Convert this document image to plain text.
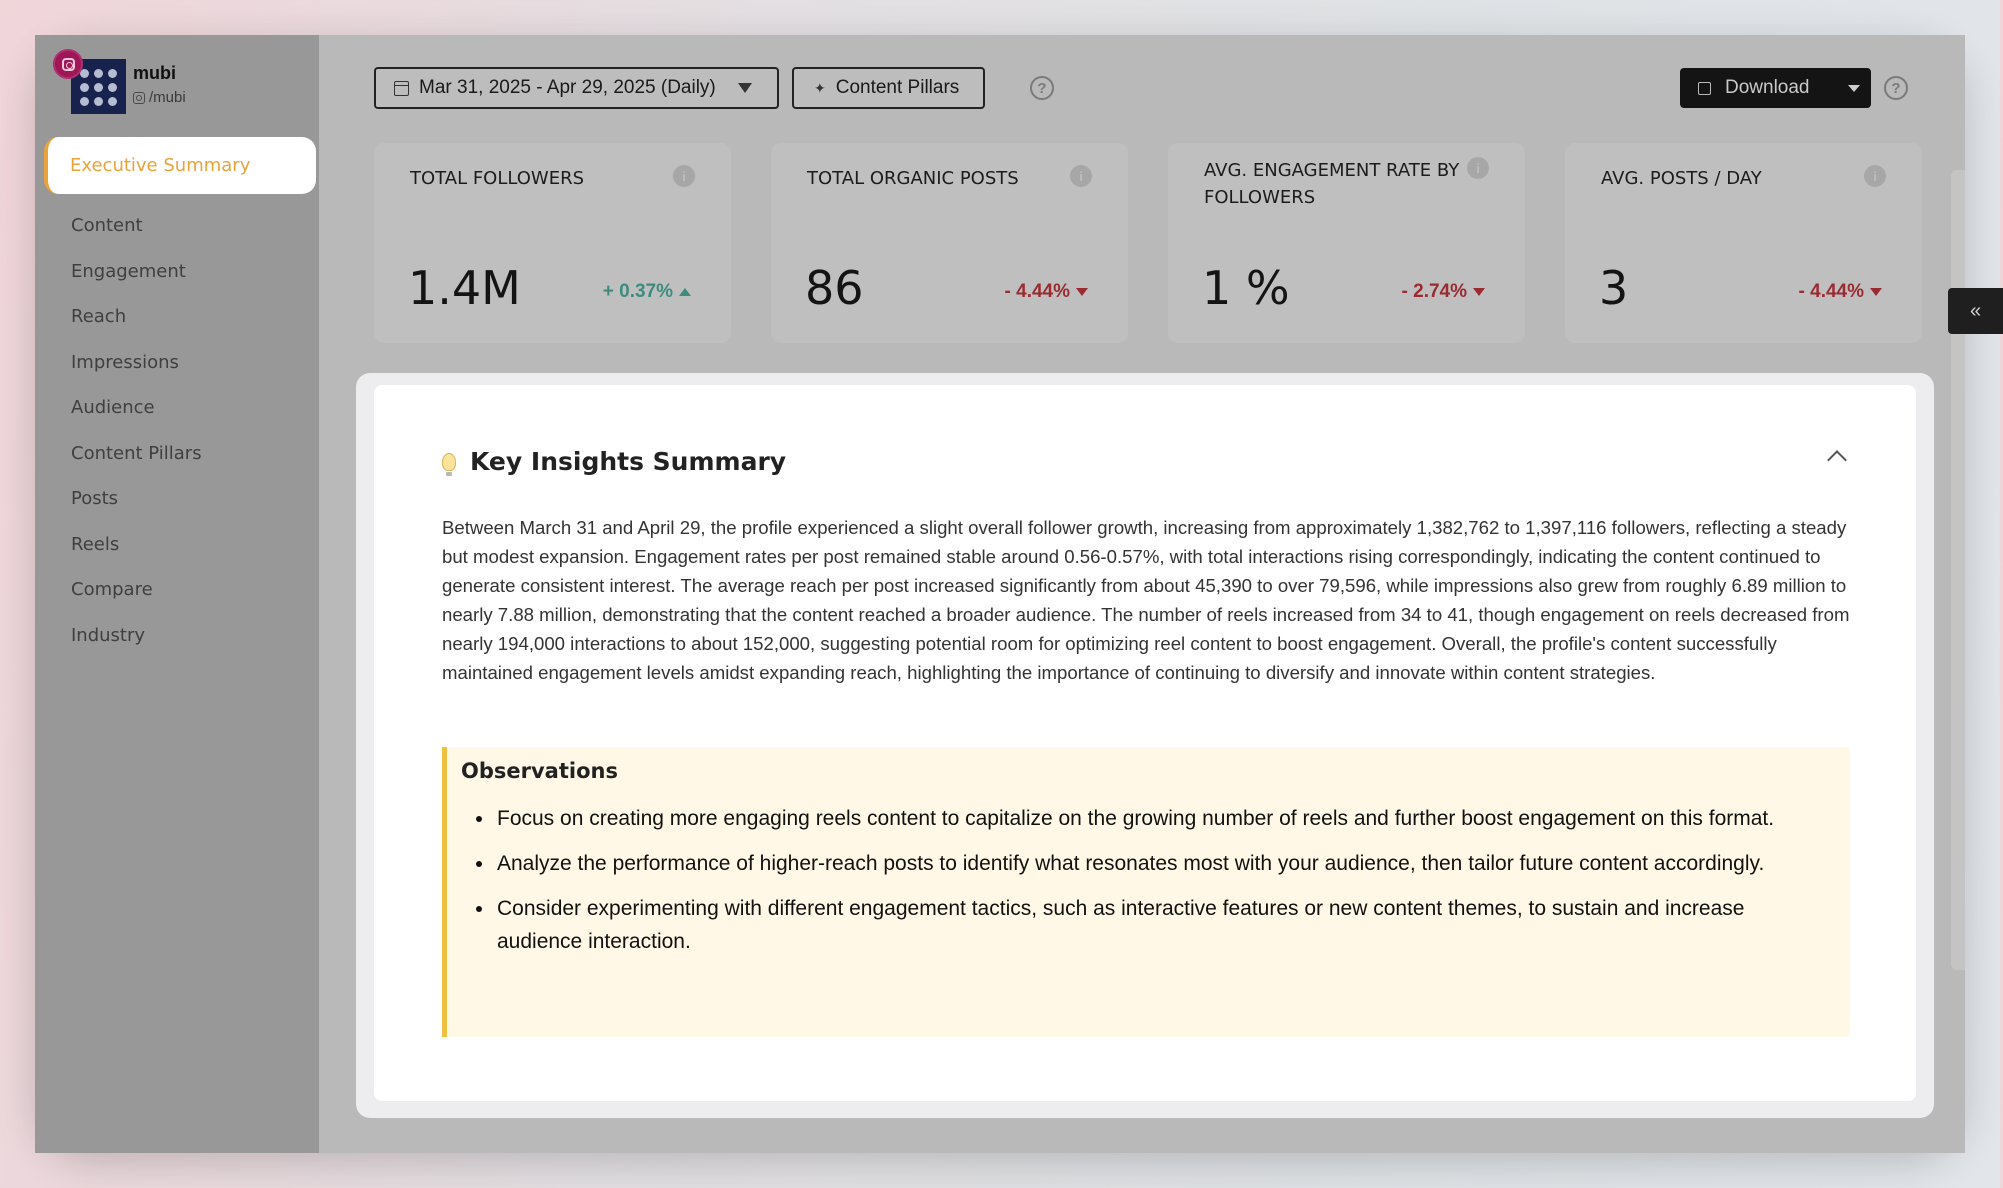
mubi
/mubi
Executive Summary
Content
Engagement
Reach
Impressions
Audience
Content Pillars
Posts
Reels
Compare
Industry
Mar 31, 2025 - Apr 29, 2025 (Daily)	✦ Content Pillars	?	Download	?
TOTAL FOLLOWERS	i
1.4M	+ 0.37%
TOTAL ORGANIC POSTS	i
86	- 4.44%
AVG. ENGAGEMENT RATE BY FOLLOWERS
i
1 %	- 2.74%
AVG. POSTS / DAY	i
3	- 4.44%
«
Key Insights Summary

Between March 31 and April 29, the profile experienced a slight overall follower growth, increasing from approximately 1,382,762 to 1,397,116 followers, reflecting a steady but modest expansion. Engagement rates per post remained stable around 0.56-0.57%, with total interactions rising correspondingly, indicating the content continued to generate consistent interest. The average reach per post increased significantly from about 45,390 to over 79,596, while impressions also grew from roughly 6.89 million to nearly 7.88 million, demonstrating that the content reached a broader audience. The number of reels increased from 34 to 41, though engagement on reels decreased from nearly 194,000 interactions to about 152,000, suggesting potential room for optimizing reel content to boost engagement. Overall, the profile's content successfully maintained engagement levels amidst expanding reach, highlighting the importance of continuing to diversify and innovate within content strategies.

Observations
• Focus on creating more engaging reels content to capitalize on the growing number of reels and further boost engagement on this format.
• Analyze the performance of higher-reach posts to identify what resonates most with your audience, then tailor future content accordingly.
• Consider experimenting with different engagement tactics, such as interactive features or new content themes, to sustain and increase audience interaction.
